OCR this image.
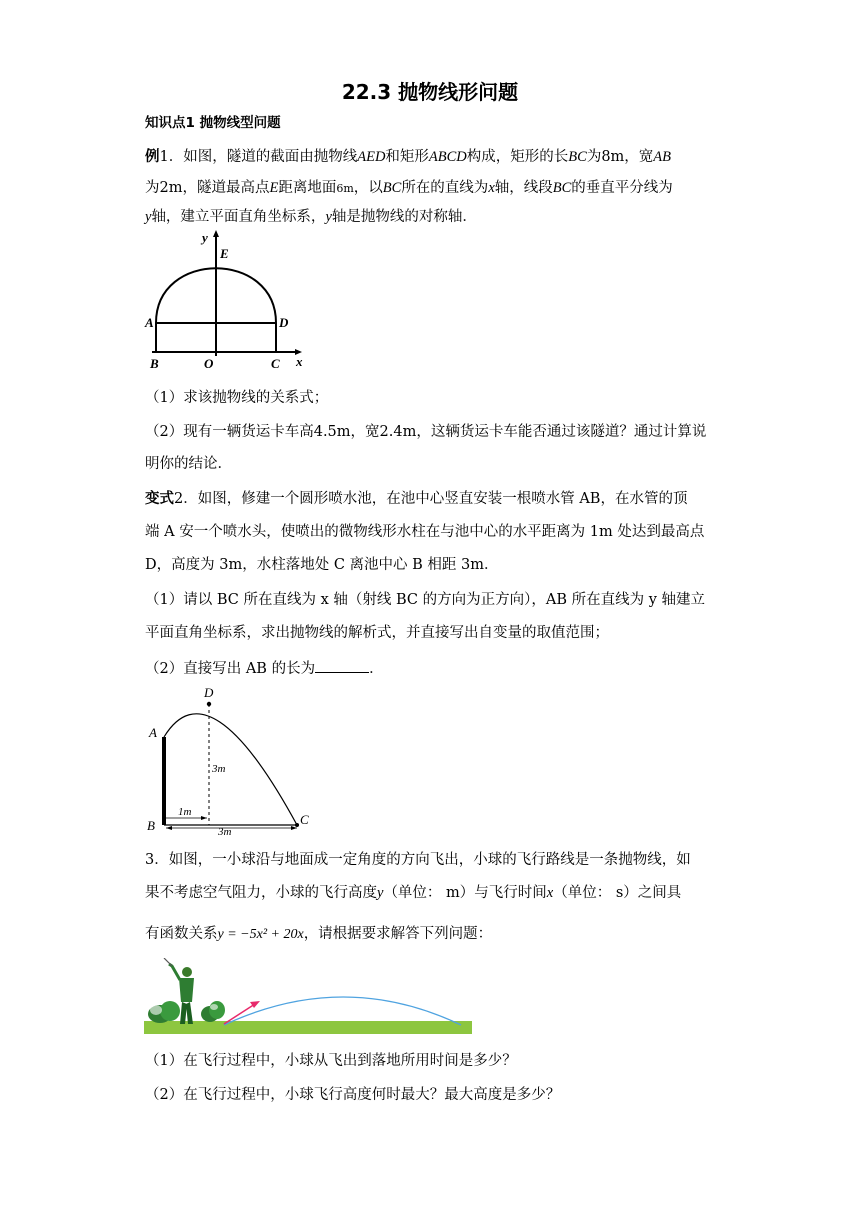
22.3 抛物线形问题
知识点1 抛物线型问题
例1．如图，隧道的截面由抛物线AED和矩形ABCD构成，矩形的长BC为8m，宽AB
为2m，隧道最高点E距离地面6m，以BC所在的直线为x轴，线段BC的垂直平分线为
y轴，建立平面直角坐标系，y轴是抛物线的对称轴．
y
E
A	D
B	O	C x
（1）求该抛物线的关系式；
（2）现有一辆货运卡车高4.5m，宽2.4m，这辆货运卡车能否通过该隧道？通过计算说
明你的结论．
变式2．如图，修建一个圆形喷水池，在池中心竖直安装一根喷水管 AB，在水管的顶
端 A 安一个喷水头，使喷出的微物线形水柱在与池中心的水平距离为 1m 处达到最高点
D，高度为 3m，水柱落地处 C 离池中心 B 相距 3m．
（1）请以 BC 所在直线为 x 轴（射线 BC 的方向为正方向），AB 所在直线为 y 轴建立
平面直角坐标系，求出抛物线的解析式，并直接写出自变量的取值范围；
（2）直接写出 AB 的长为	．
D
A
B	C
3m
1m
3m
3．如图，一小球沿与地面成一定角度的方向飞出，小球的飞行路线是一条抛物线，如
果不考虑空气阻力，小球的飞行高度y（单位： m）与飞行时间x（单位： s）之间具
有函数关系y = −5x² + 20x，请根据要求解答下列问题：
（1）在飞行过程中，小球从飞出到落地所用时间是多少？
（2）在飞行过程中，小球飞行高度何时最大？最大高度是多少？
